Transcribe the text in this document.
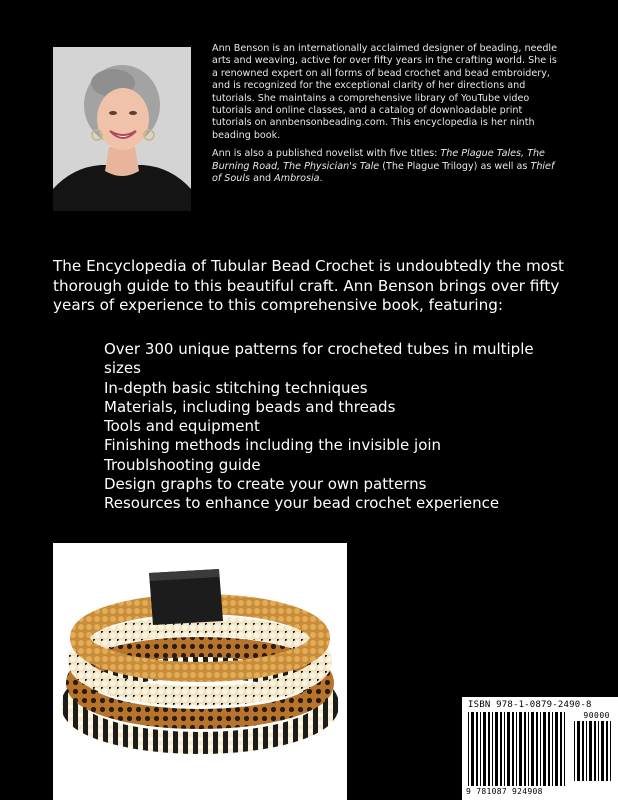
Ann Benson is an internationally acclaimed designer of beading, needle arts and weaving, active for over fifty years in the crafting world. She is a renowned expert on all forms of bead crochet and bead embroidery, and is recognized for the exceptional clarity of her directions and tutorials. She maintains a comprehensive library of YouTube video tutorials and online classes, and a catalog of downloadable print tutorials on annbensonbeading.com. This encyclopedia is her ninth beading book.

Ann is also a published novelist with five titles: The Plague Tales, The Burning Road, The Physician's Tale (The Plague Trilogy) as well as Thief of Souls and Ambrosia.

The Encyclopedia of Tubular Bead Crochet is undoubtedly the most thorough guide to this beautiful craft. Ann Benson brings over fifty years of experience to this comprehensive book, featuring:
Over 300 unique patterns for crocheted tubes in multiple sizes
In-depth basic stitching techniques
Materials, including beads and threads
Tools and equipment
Finishing methods including the invisible join
Troublshooting guide
Design graphs to create your own patterns
Resources to enhance your bead crochet experience
ISBN 978-1-0879-2490-8
90000
9 781087 924908
